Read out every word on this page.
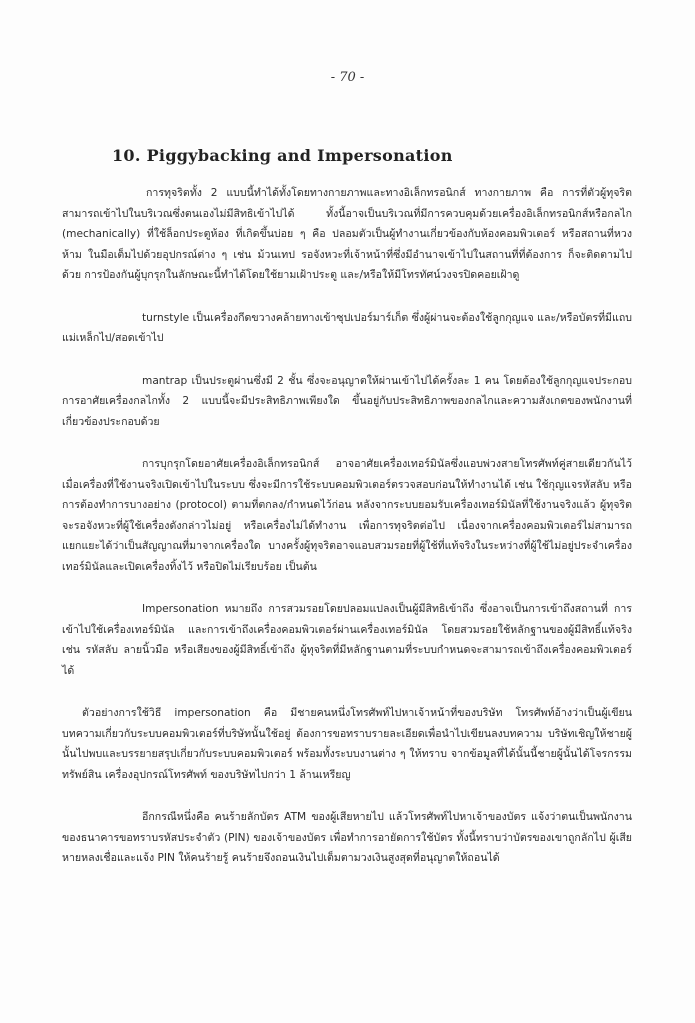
- 70 -
10. Piggybacking and Impersonation

การทุจริตทั้ง 2 แบบนี้ทำได้ทั้งโดยทางกายภาพและทางอิเล็กทรอนิกส์ ทางกายภาพ คือ การที่ตัวผู้ทุจริตสามารถเข้าไปในบริเวณซึ่งตนเองไม่มีสิทธิเข้าไปได้ ทั้งนี้อาจเป็นบริเวณที่มีการควบคุมด้วยเครื่องอิเล็กทรอนิกส์หรือกลไก (mechanically) ที่ใช้ล็อกประตูห้อง ที่เกิดขึ้นบ่อย ๆ คือ ปลอมตัวเป็นผู้ทำงานเกี่ยวข้องกับห้องคอมพิวเตอร์ หรือสถานที่หวงห้าม ในมือเต็มไปด้วยอุปกรณ์ต่าง ๆ เช่น ม้วนเทป รอจังหวะที่เจ้าหน้าที่ซึ่งมีอำนาจเข้าไปในสถานที่ที่ต้องการ ก็จะติดตามไปด้วย การป้องกันผู้บุกรุกในลักษณะนี้ทำได้โดยใช้ยามเฝ้าประตู และ/หรือให้มีโทรทัศน์วงจรปิดคอยเฝ้าดู

turnstyle เป็นเครื่องกีดขวางคล้ายทางเข้าซุปเปอร์มาร์เก็ต ซึ่งผู้ผ่านจะต้องใช้ลูกกุญแจ และ/หรือบัตรที่มีแถบแม่เหล็กไป/สอดเข้าไป

mantrap เป็นประตูผ่านซึ่งมี 2 ชั้น ซึ่งจะอนุญาตให้ผ่านเข้าไปได้ครั้งละ 1 คน โดยต้องใช้ลูกกุญแจประกอบ การอาศัยเครื่องกลไกทั้ง 2 แบบนี้จะมีประสิทธิภาพเพียงใด ขึ้นอยู่กับประสิทธิภาพของกลไกและความสังเกตของพนักงานที่เกี่ยวข้องประกอบด้วย

การบุกรุกโดยอาศัยเครื่องอิเล็กทรอนิกส์ อาจอาศัยเครื่องเทอร์มินัลซึ่งแอบพ่วงสายโทรศัพท์คู่สายเดียวกันไว้ เมื่อเครื่องที่ใช้งานจริงเปิดเข้าไปในระบบ ซึ่งจะมีการใช้ระบบคอมพิวเตอร์ตรวจสอบก่อนให้ทำงานได้ เช่น ใช้กุญแจรหัสลับ หรือการต้องทำการบางอย่าง (protocol) ตามที่ตกลง/กำหนดไว้ก่อน หลังจากระบบยอมรับเครื่องเทอร์มินัลที่ใช้งานจริงแล้ว ผู้ทุจริตจะรอจังหวะที่ผู้ใช้เครื่องดังกล่าวไม่อยู่ หรือเครื่องไม่ได้ทำงาน เพื่อการทุจริตต่อไป เนื่องจากเครื่องคอมพิวเตอร์ไม่สามารถแยกแยะได้ว่าเป็นสัญญาณที่มาจากเครื่องใด บางครั้งผู้ทุจริตอาจแอบสวมรอยที่ผู้ใช้ที่แท้จริงในระหว่างที่ผู้ใช้ไม่อยู่ประจำเครื่องเทอร์มินัลและเปิดเครื่องทิ้งไว้ หรือปิดไม่เรียบร้อย เป็นต้น

Impersonation หมายถึง การสวมรอยโดยปลอมแปลงเป็นผู้มีสิทธิเข้าถึง ซึ่งอาจเป็นการเข้าถึงสถานที่ การเข้าไปใช้เครื่องเทอร์มินัล และการเข้าถึงเครื่องคอมพิวเตอร์ผ่านเครื่องเทอร์มินัล โดยสวมรอยใช้หลักฐานของผู้มีสิทธิ์แท้จริง เช่น รหัสลับ ลายนิ้วมือ หรือเสียงของผู้มีสิทธิ์เข้าถึง ผู้ทุจริตที่มีหลักฐานตามที่ระบบกำหนดจะสามารถเข้าถึงเครื่องคอมพิวเตอร์ได้

ตัวอย่างการใช้วิธี impersonation คือ มีชายคนหนึ่งโทรศัพท์ไปหาเจ้าหน้าที่ของบริษัท โทรศัพท์อ้างว่าเป็นผู้เขียนบทความเกี่ยวกับระบบคอมพิวเตอร์ที่บริษัทนั้นใช้อยู่ ต้องการขอทราบรายละเอียดเพื่อนำไปเขียนลงบทความ บริษัทเชิญให้ชายผู้นั้นไปพบและบรรยายสรุปเกี่ยวกับระบบคอมพิวเตอร์ พร้อมทั้งระบบงานต่าง ๆ ให้ทราบ จากข้อมูลที่ได้นั้นนี้ชายผู้นั้นได้โจรกรรมทรัพย์สิน เครื่องอุปกรณ์โทรศัพท์ ของบริษัทไปกว่า 1 ล้านเหรียญ

อีกกรณีหนึ่งคือ คนร้ายลักบัตร ATM ของผู้เสียหายไป แล้วโทรศัพท์ไปหาเจ้าของบัตร แจ้งว่าตนเป็นพนักงานของธนาคารขอทราบรหัสประจำตัว (PIN) ของเจ้าของบัตร เพื่อทำการอายัดการใช้บัตร ทั้งนี้ทราบว่าบัตรของเขาถูกลักไป ผู้เสียหายหลงเชื่อและแจ้ง PIN ให้คนร้ายรู้ คนร้ายจึงถอนเงินไปเต็มตามวงเงินสูงสุดที่อนุญาตให้ถอนได้
